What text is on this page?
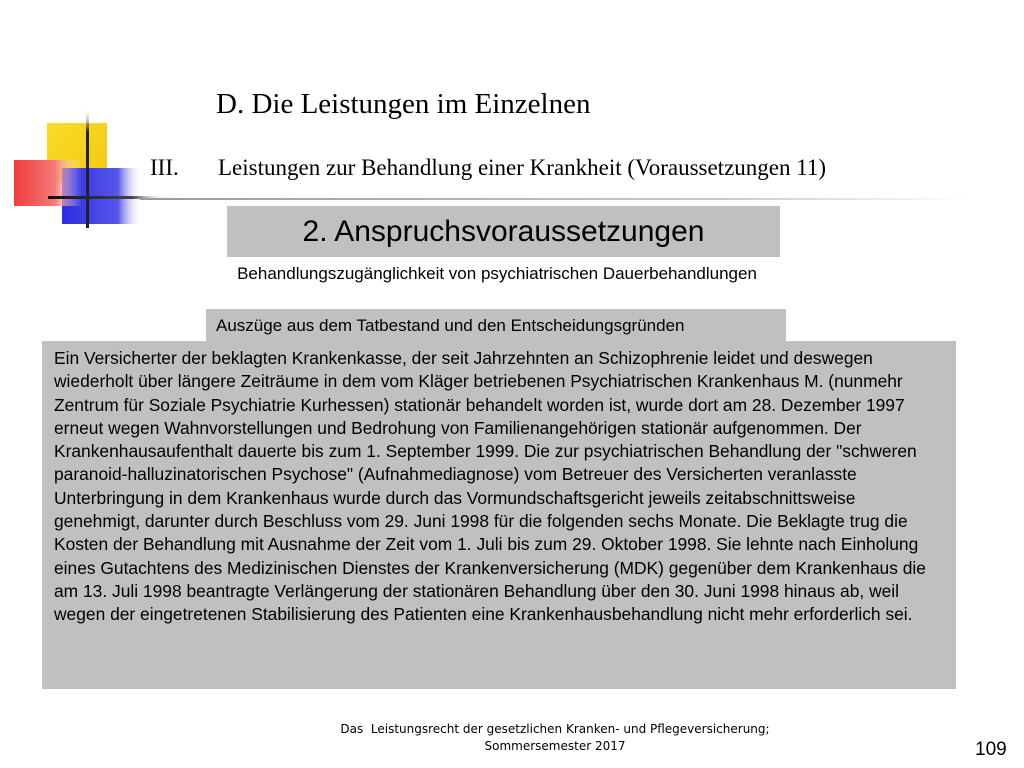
D. Die Leistungen im Einzelnen
III. Leistungen zur Behandlung einer Krankheit (Voraussetzungen 11)
2. Anspruchsvoraussetzungen
Behandlungszugänglichkeit von psychiatrischen Dauerbehandlungen
Auszüge aus dem Tatbestand und den Entscheidungsgründen

Ein Versicherter der beklagten Krankenkasse, der seit Jahrzehnten an Schizophrenie leidet und deswegen wiederholt über längere Zeiträume in dem vom Kläger betriebenen Psychiatrischen Krankenhaus M. (nunmehr Zentrum für Soziale Psychiatrie Kurhessen) stationär behandelt worden ist, wurde dort am 28. Dezember 1997 erneut wegen Wahnvorstellungen und Bedrohung von Familienangehörigen stationär aufgenommen. Der Krankenhausaufenthalt dauerte bis zum 1. September 1999. Die zur psychiatrischen Behandlung der "schweren paranoid-halluzinatorischen Psychose" (Aufnahmediagnose) vom Betreuer des Versicherten veranlasste Unterbringung in dem Krankenhaus wurde durch das Vormundschaftsgericht jeweils zeitabschnittsweise genehmigt, darunter durch Beschluss vom 29. Juni 1998 für die folgenden sechs Monate. Die Beklagte trug die Kosten der Behandlung mit Ausnahme der Zeit vom 1. Juli bis zum 29. Oktober 1998. Sie lehnte nach Einholung eines Gutachtens des Medizinischen Dienstes der Krankenversicherung (MDK) gegenüber dem Krankenhaus die am 13. Juli 1998 beantragte Verlängerung der stationären Behandlung über den 30. Juni 1998 hinaus ab, weil wegen der eingetretenen Stabilisierung des Patienten eine Krankenhausbehandlung nicht mehr erforderlich sei.

Das  Leistungsrecht der gesetzlichen Kranken- und Pflegeversicherung;
Sommersemester 2017	109
